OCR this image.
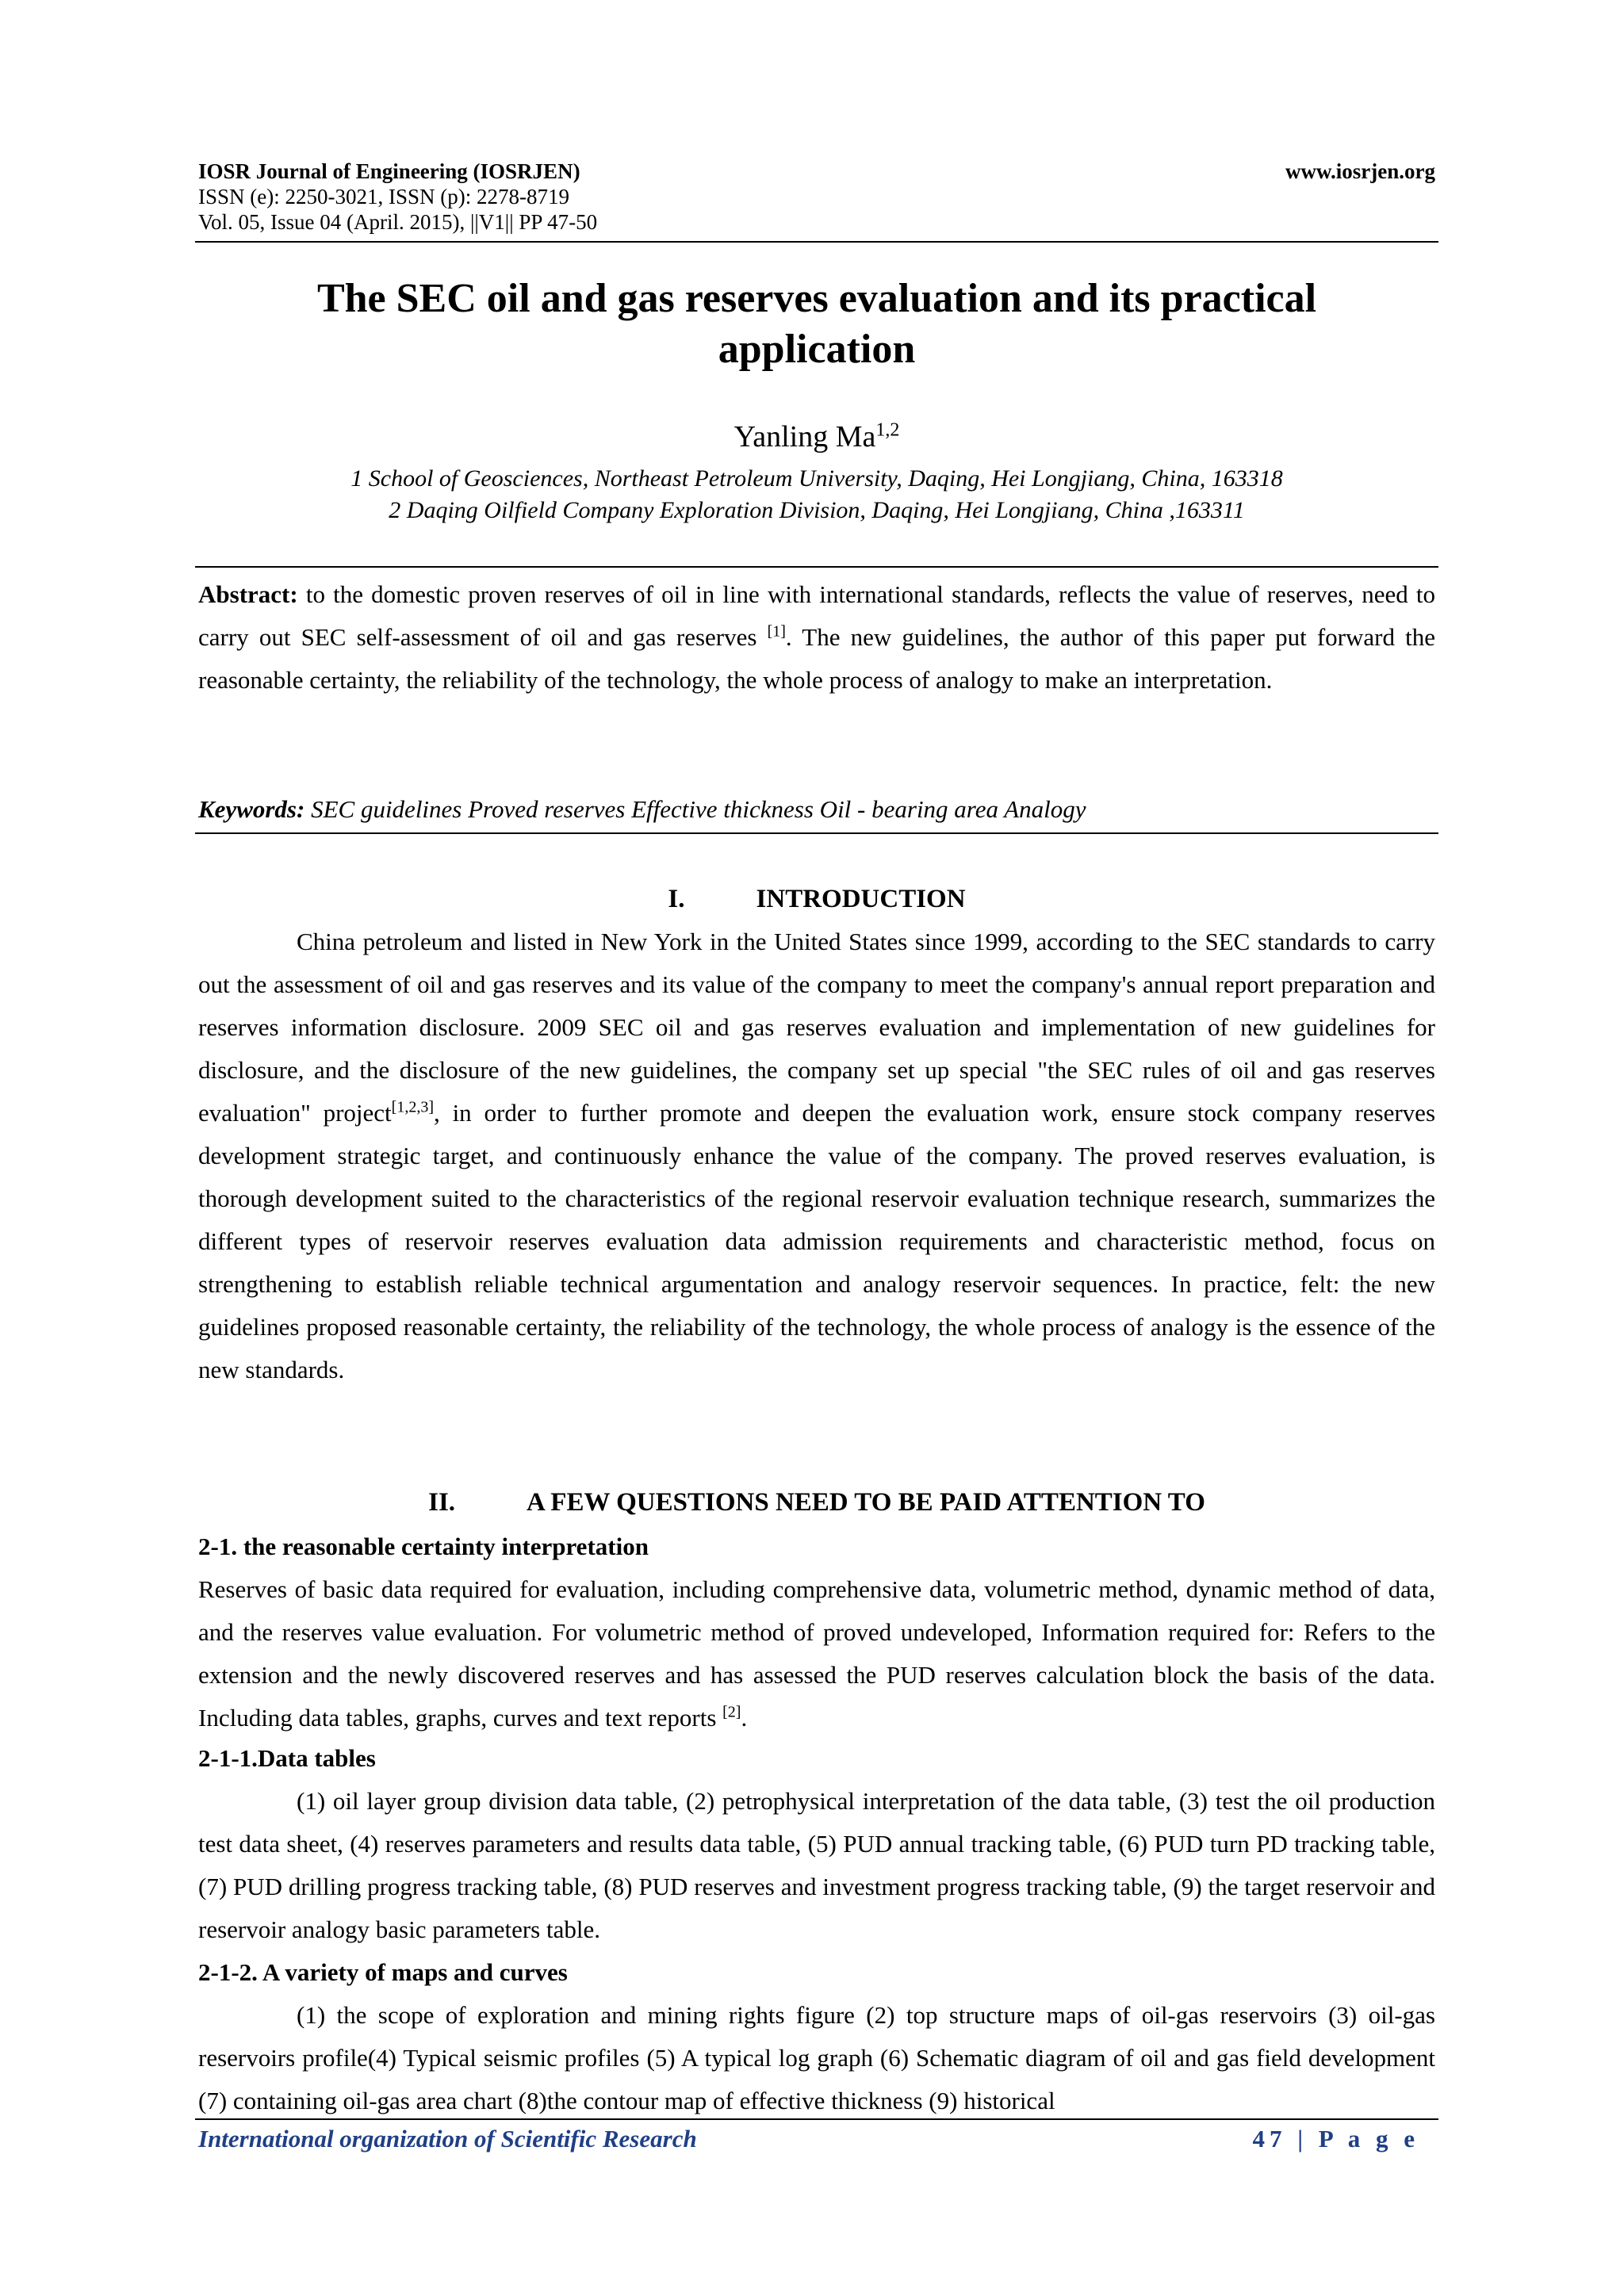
IOSR Journal of Engineering (IOSRJEN)	www.iosrjen.org
ISSN (e): 2250-3021, ISSN (p): 2278-8719
Vol. 05, Issue 04 (April. 2015), ||V1|| PP 47-50
The SEC oil and gas reserves evaluation and its practical
application
Yanling Ma$^{1,2}$
1 School of Geosciences, Northeast Petroleum University, Daqing, Hei Longjiang, China, 163318
2 Daqing Oilfield Company Exploration Division, Daqing, Hei Longjiang, China ,163311

Abstract: to the domestic proven reserves of oil in line with international standards, reflects the value of reserves, need to carry out SEC self-assessment of oil and gas reserves [1]. The new guidelines, the author of this paper put forward the reasonable certainty, the reliability of the technology, the whole process of analogy to make an interpretation.

Keywords: SEC guidelines Proved reserves Effective thickness Oil - bearing area Analogy

I.	INTRODUCTION

China petroleum and listed in New York in the United States since 1999, according to the SEC standards to carry out the assessment of oil and gas reserves and its value of the company to meet the company's annual report preparation and reserves information disclosure. 2009 SEC oil and gas reserves evaluation and implementation of new guidelines for disclosure, and the disclosure of the new guidelines, the company set up special "the SEC rules of oil and gas reserves evaluation" project[1,2,3], in order to further promote and deepen the evaluation work, ensure stock company reserves development strategic target, and continuously enhance the value of the company. The proved reserves evaluation, is thorough development suited to the characteristics of the regional reservoir evaluation technique research, summarizes the different types of reservoir reserves evaluation data admission requirements and characteristic method, focus on strengthening to establish reliable technical argumentation and analogy reservoir sequences. In practice, felt: the new guidelines proposed reasonable certainty, the reliability of the technology, the whole process of analogy is the essence of the new standards.

II.	A FEW QUESTIONS NEED TO BE PAID ATTENTION TO
2-1. the reasonable certainty interpretation

Reserves of basic data required for evaluation, including comprehensive data, volumetric method, dynamic method of data, and the reserves value evaluation. For volumetric method of proved undeveloped, Information required for: Refers to the extension and the newly discovered reserves and has assessed the PUD reserves calculation block the basis of the data. Including data tables, graphs, curves and text reports [2].

2-1-1.Data tables

(1) oil layer group division data table, (2) petrophysical interpretation of the data table, (3) test the oil production test data sheet, (4) reserves parameters and results data table, (5) PUD annual tracking table, (6) PUD turn PD tracking table, (7) PUD drilling progress tracking table, (8) PUD reserves and investment progress tracking table, (9) the target reservoir and reservoir analogy basic parameters table.

2-1-2. A variety of maps and curves

(1) the scope of exploration and mining rights figure (2) top structure maps of oil-gas reservoirs (3) oil-gas reservoirs profile(4) Typical seismic profiles (5) A typical log graph (6) Schematic diagram of oil and gas field development (7) containing oil-gas area chart (8)the contour map of effective thickness (9) historical

International organization of Scientific Research	47 | P a g e
